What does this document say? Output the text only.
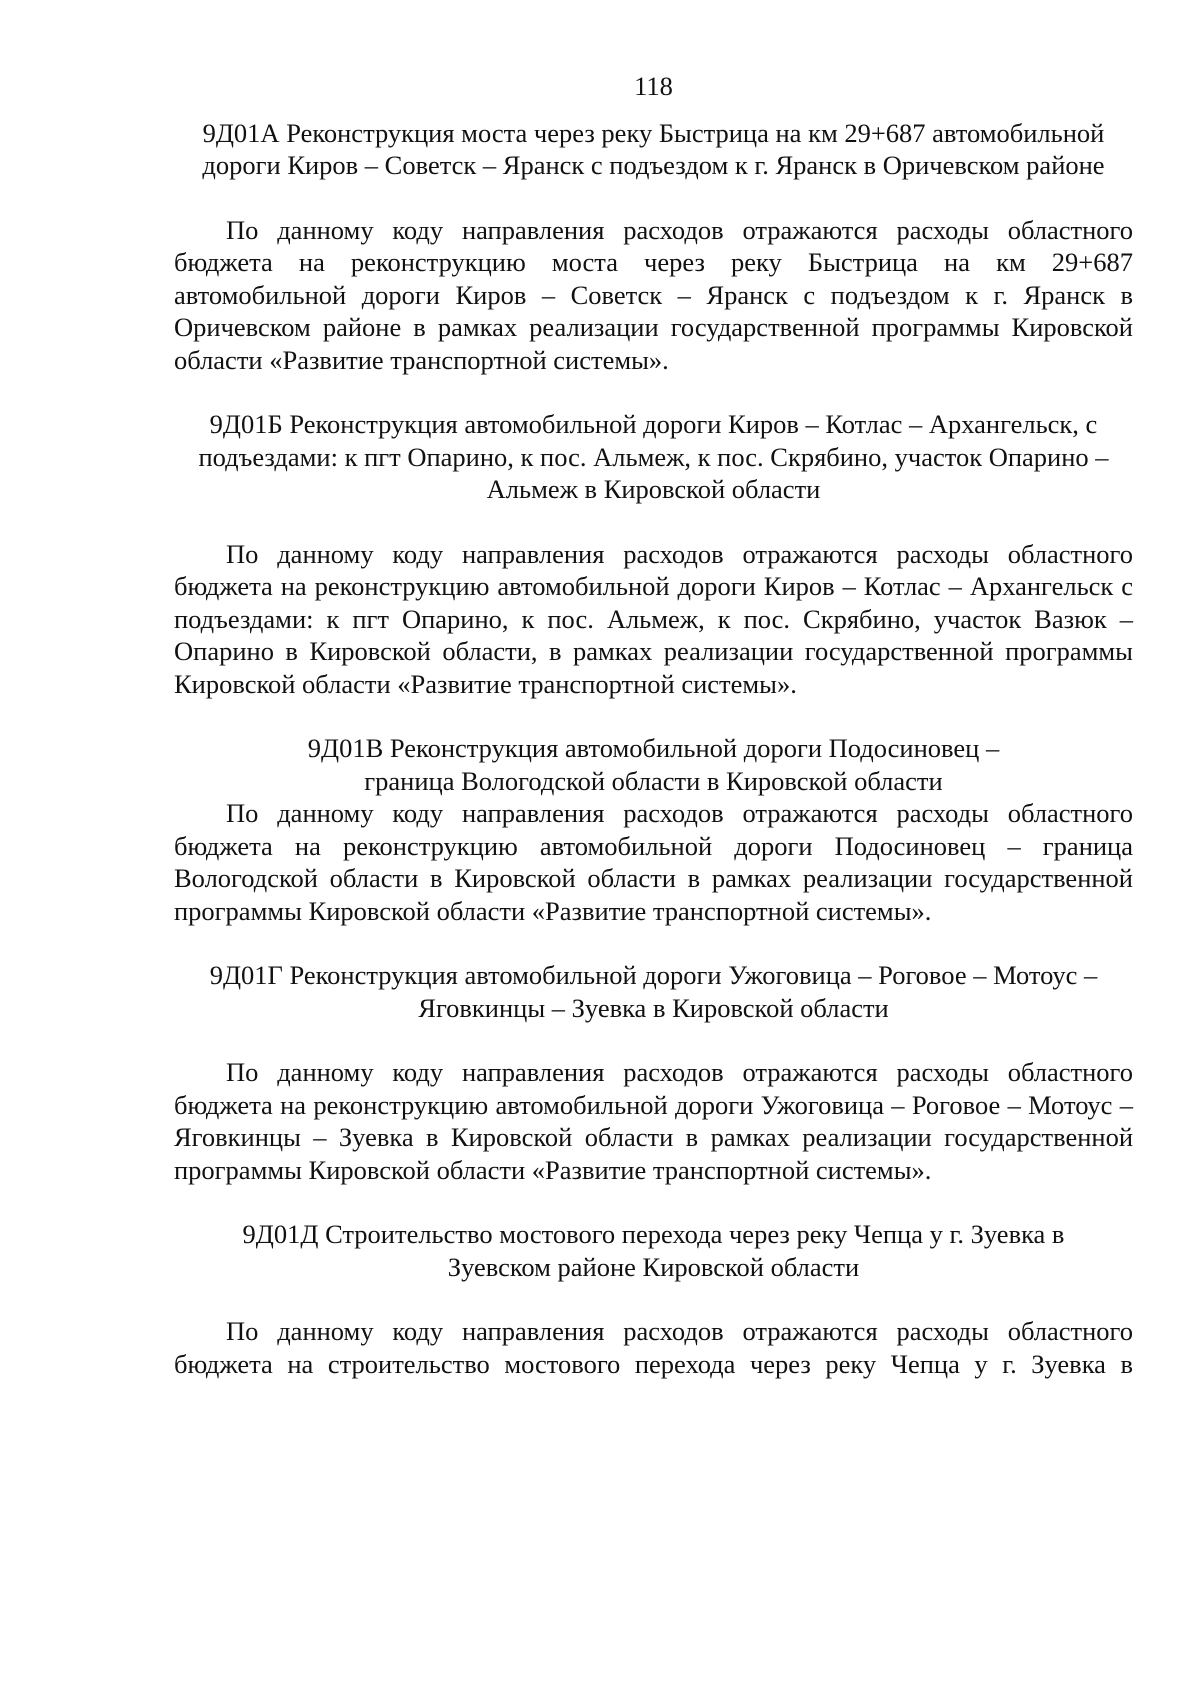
118

9Д01А Реконструкция моста через реку Быстрица на км 29+687 автомобильной дороги Киров – Советск – Яранск с подъездом к г. Яранск в Оричевском районе

По данному коду направления расходов отражаются расходы областного бюджета на реконструкцию моста через реку Быстрица на км 29+687 автомобильной дороги Киров – Советск – Яранск с подъездом к г. Яранск в Оричевском районе в рамках реализации государственной программы Кировской области «Развитие транспортной системы».

9Д01Б Реконструкция автомобильной дороги Киров – Котлас – Архангельск, с подъездами: к пгт Опарино, к пос. Альмеж, к пос. Скрябино, участок Опарино – Альмеж в Кировской области

По данному коду направления расходов отражаются расходы областного бюджета на реконструкцию автомобильной дороги Киров – Котлас – Архангельск с подъездами: к пгт Опарино, к пос. Альмеж, к пос. Скрябино, участок Вазюк – Опарино в Кировской области, в рамках реализации государственной программы Кировской области «Развитие транспортной системы».

9Д01В Реконструкция автомобильной дороги Подосиновец – граница Вологодской области в Кировской области

По данному коду направления расходов отражаются расходы областного бюджета на реконструкцию автомобильной дороги Подосиновец – граница Вологодской области в Кировской области в рамках реализации государственной программы Кировской области «Развитие транспортной системы».

9Д01Г Реконструкция автомобильной дороги Ужоговица – Роговое – Мотоус – Яговкинцы – Зуевка в Кировской области

По данному коду направления расходов отражаются расходы областного бюджета на реконструкцию автомобильной дороги Ужоговица – Роговое – Мотоус – Яговкинцы – Зуевка в Кировской области в рамках реализации государственной программы Кировской области «Развитие транспортной системы».

9Д01Д Строительство мостового перехода через реку Чепца у г. Зуевка в Зуевском районе Кировской области

По данному коду направления расходов отражаются расходы областного бюджета на строительство мостового перехода через реку Чепца у г. Зуевка в
